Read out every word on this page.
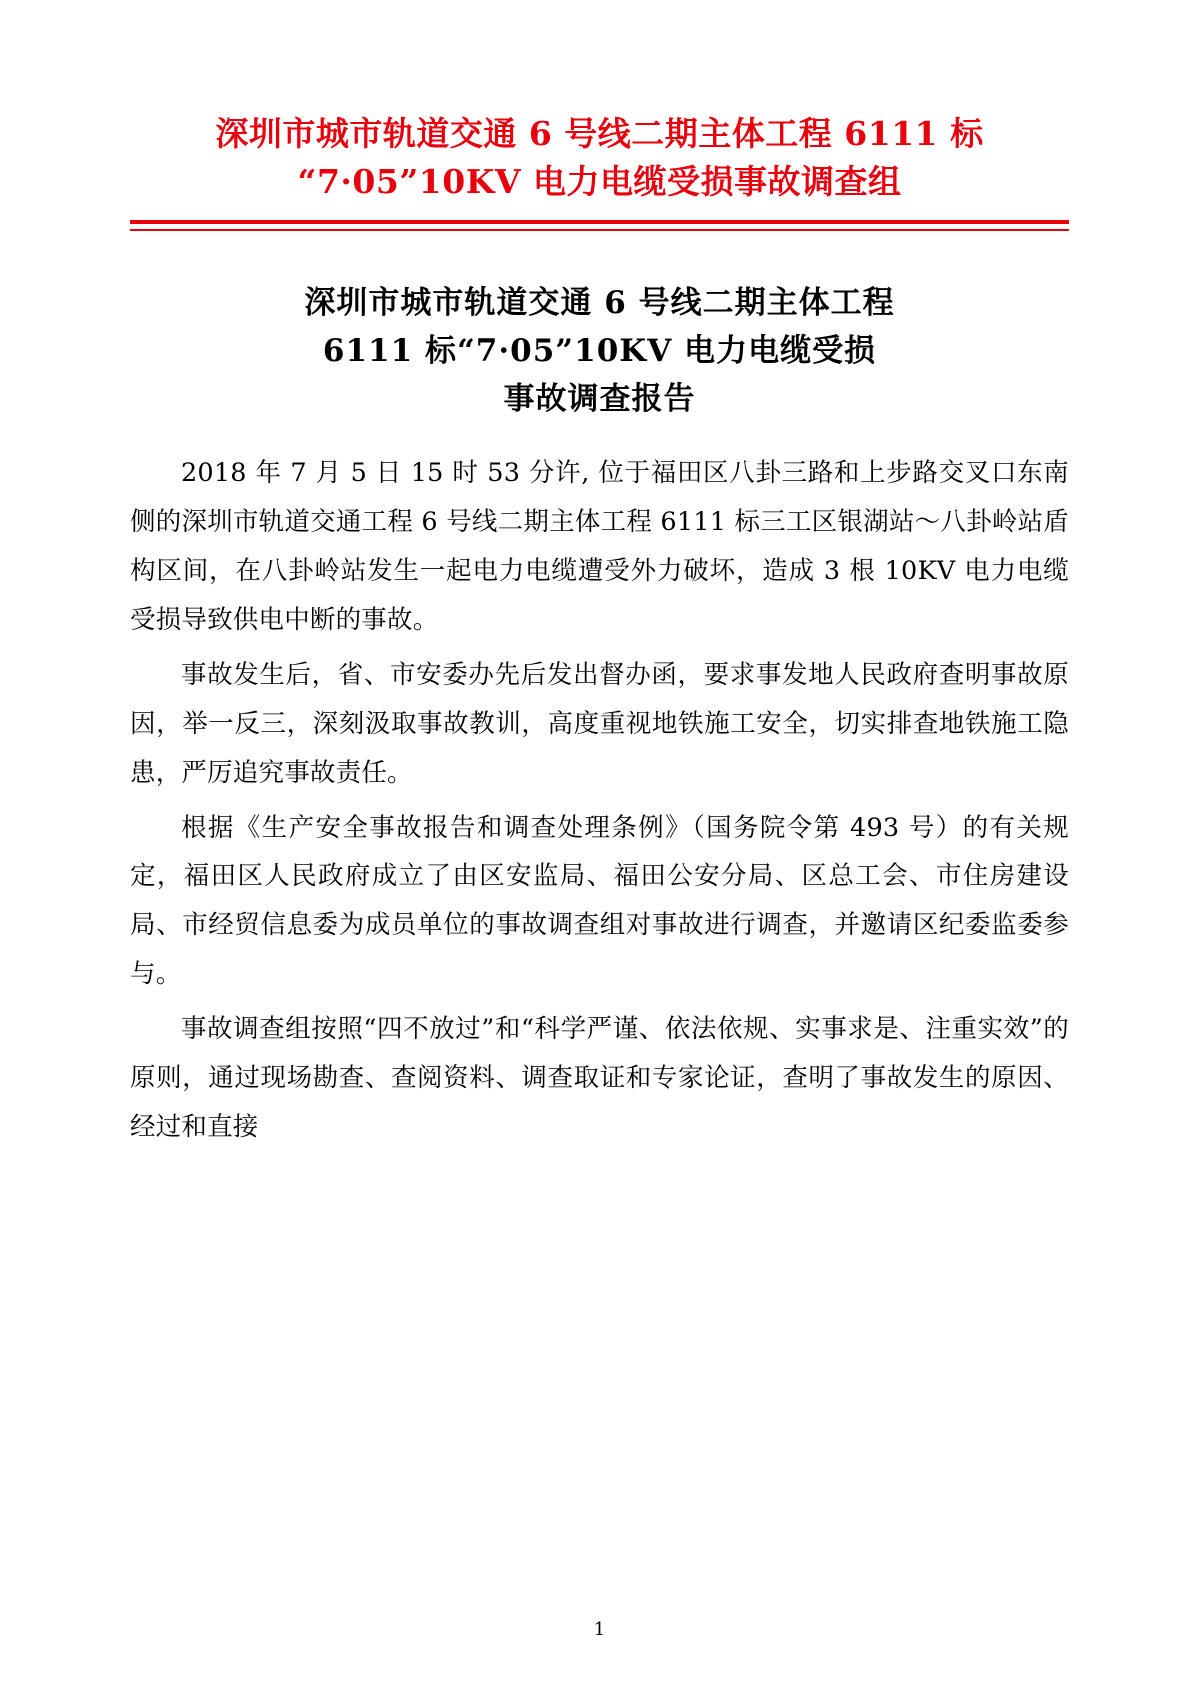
深圳市城市轨道交通 6 号线二期主体工程 6111 标
“7·05”10KV 电力电缆受损事故调查组
深圳市城市轨道交通 6 号线二期主体工程
6111 标“7·05”10KV 电力电缆受损
事故调查报告

2018 年 7 月 5 日 15 时 53 分许, 位于福田区八卦三路和上步路交叉口东南侧的深圳市轨道交通工程 6 号线二期主体工程 6111 标三工区银湖站～八卦岭站盾构区间，在八卦岭站发生一起电力电缆遭受外力破坏，造成 3 根 10KV 电力电缆受损导致供电中断的事故。

事故发生后，省、市安委办先后发出督办函，要求事发地人民政府查明事故原因，举一反三，深刻汲取事故教训，高度重视地铁施工安全，切实排查地铁施工隐患，严厉追究事故责任。

根据《生产安全事故报告和调查处理条例》（国务院令第 493 号）的有关规定，福田区人民政府成立了由区安监局、福田公安分局、区总工会、市住房建设局、市经贸信息委为成员单位的事故调查组对事故进行调查，并邀请区纪委监委参与。

事故调查组按照“四不放过”和“科学严谨、依法依规、实事求是、注重实效”的原则，通过现场勘查、查阅资料、调查取证和专家论证，查明了事故发生的原因、经过和直接

1
